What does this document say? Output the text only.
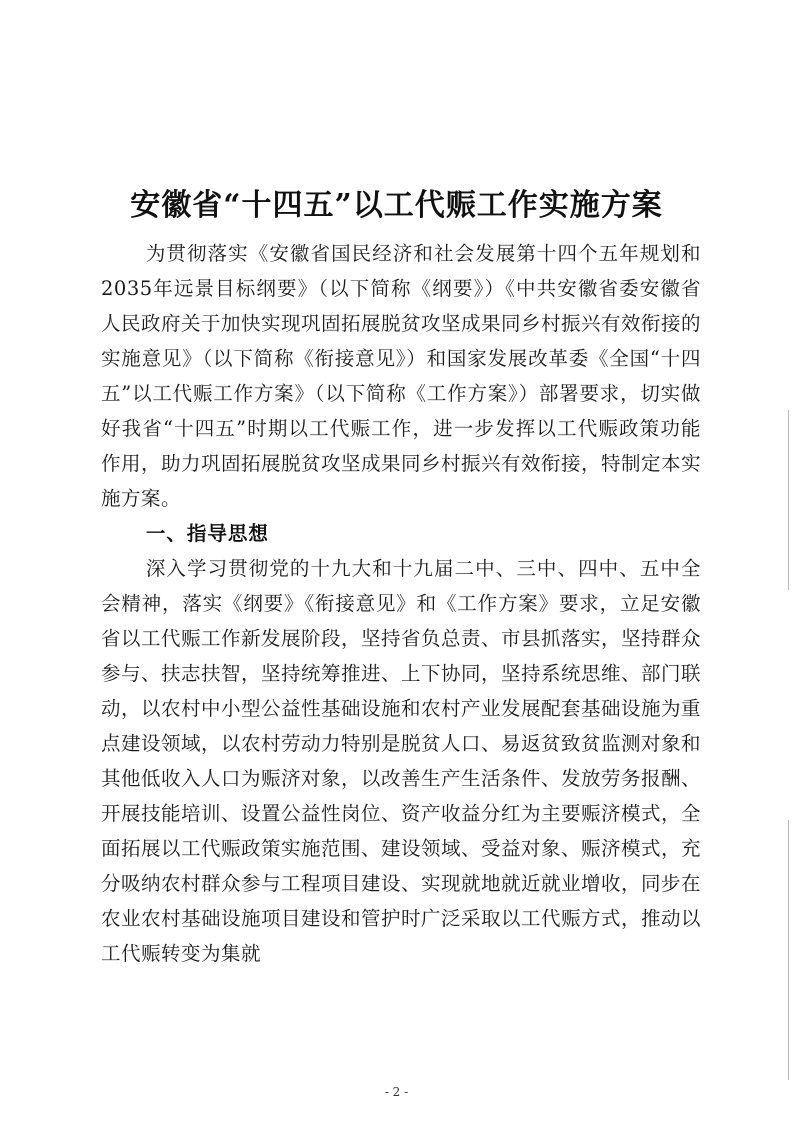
安徽省“十四五”以工代赈工作实施方案

为贯彻落实《安徽省国民经济和社会发展第十四个五年规划和2035年远景目标纲要》（以下简称《纲要》）《中共安徽省委安徽省人民政府关于加快实现巩固拓展脱贫攻坚成果同乡村振兴有效衔接的实施意见》（以下简称《衔接意见》）和国家发展改革委《全国“十四五”以工代赈工作方案》（以下简称《工作方案》）部署要求，切实做好我省“十四五”时期以工代赈工作，进一步发挥以工代赈政策功能作用，助力巩固拓展脱贫攻坚成果同乡村振兴有效衔接，特制定本实施方案。

一、指导思想

深入学习贯彻党的十九大和十九届二中、三中、四中、五中全会精神，落实《纲要》《衔接意见》和《工作方案》要求，立足安徽省以工代赈工作新发展阶段，坚持省负总责、市县抓落实，坚持群众参与、扶志扶智，坚持统筹推进、上下协同，坚持系统思维、部门联动，以农村中小型公益性基础设施和农村产业发展配套基础设施为重点建设领域，以农村劳动力特别是脱贫人口、易返贫致贫监测对象和其他低收入人口为赈济对象，以改善生产生活条件、发放劳务报酬、开展技能培训、设置公益性岗位、资产收益分红为主要赈济模式，全面拓展以工代赈政策实施范围、建设领域、受益对象、赈济模式，充分吸纳农村群众参与工程项目建设、实现就地就近就业增收，同步在农业农村基础设施项目建设和管护时广泛采取以工代赈方式，推动以工代赈转变为集就

- 2 -
